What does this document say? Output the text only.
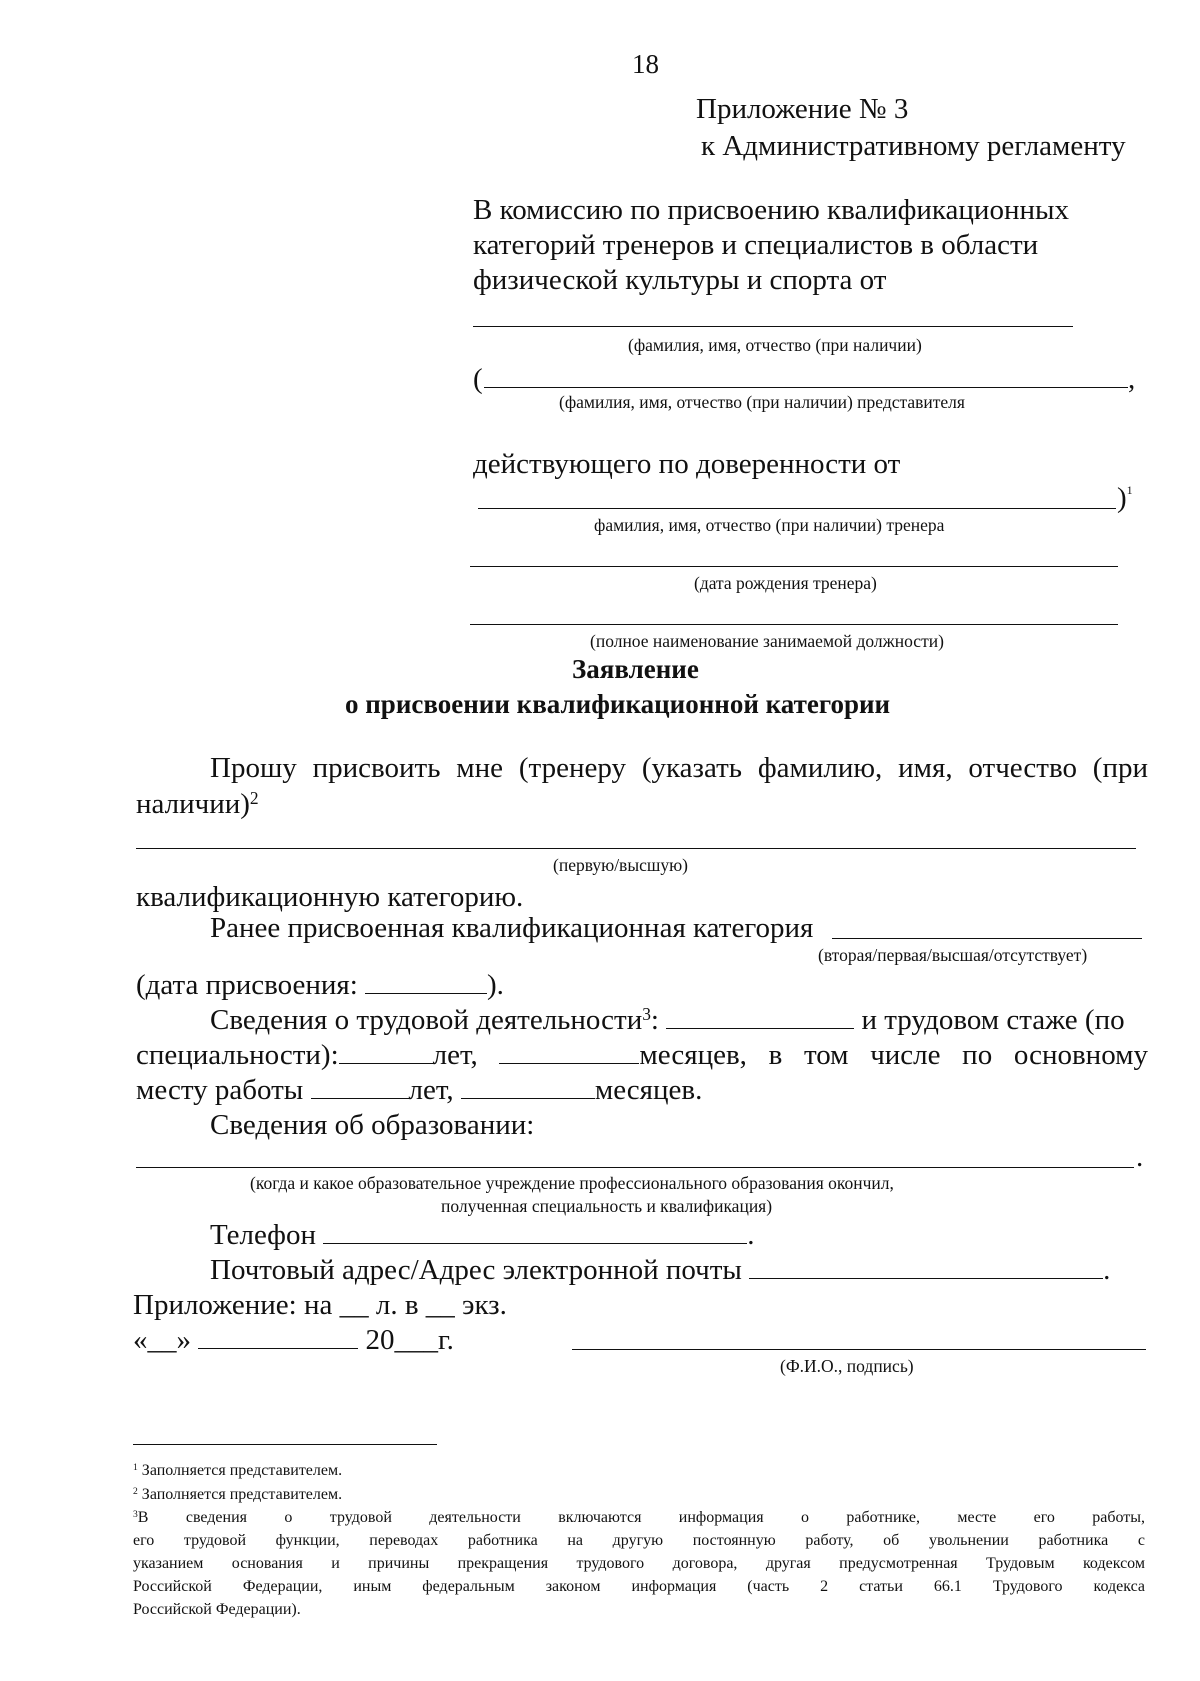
18
Приложение № 3
к Административному регламенту
В комиссию по присвоению квалификационных
категорий тренеров и специалистов в области
физической культуры и спорта от
(фамилия, имя, отчество (при наличии)
(	,
(фамилия, имя, отчество (при наличии) представителя
действующего по доверенности от
)$^1$
фамилия, имя, отчество (при наличии) тренера
(дата рождения тренера)
(полное наименование занимаемой должности)
Заявление
о присвоении квалификационной категории
Прошу присвоить мне (тренеру (указать фамилию, имя, отчество (при
наличии)$^2$
(первую/высшую)
квалификационную категорию.
Ранее присвоенная квалификационная категория
(вторая/первая/высшая/отсутствует)
(дата присвоения:	).
Сведения о трудовой деятельности$^3$:	и трудовом стаже (по
специальности):	лет,	месяцев, в том числе по основному
месту работы	лет,	месяцев.
Сведения об образовании:
.
(когда и какое образовательное учреждение профессионального образования окончил,
полученная специальность и квалификация)
Телефон	.
Почтовый адрес/Адрес электронной почты	.
Приложение: на __ л. в __ экз.
«__»	20___г.
(Ф.И.О., подпись)
$^1$ Заполняется представителем.
$^2$ Заполняется представителем.
$^3$В сведения о трудовой деятельности включаются информация о работнике, месте его работы,
его трудовой функции, переводах работника на другую постоянную работу, об увольнении работника с
указанием основания и причины прекращения трудового договора, другая предусмотренная Трудовым кодексом
Российской Федерации, иным федеральным законом информация (часть 2 статьи 66.1 Трудового кодекса
Российской Федерации).
